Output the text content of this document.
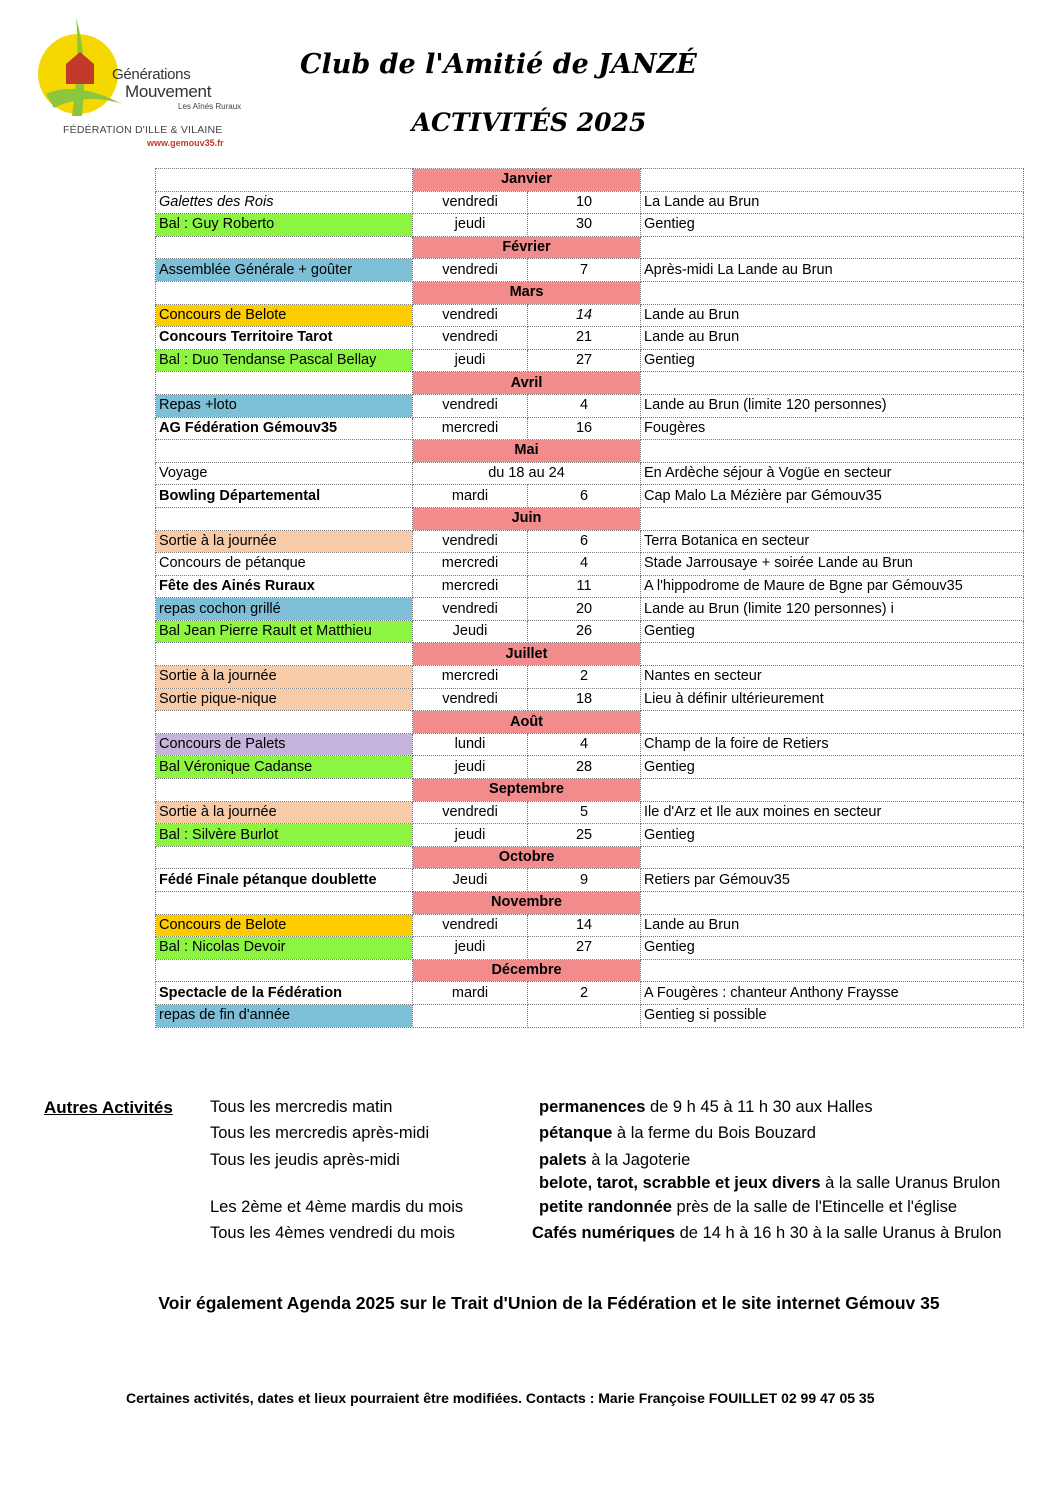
Générations
Mouvement
Les Aînés Ruraux
FÉDÉRATION D'ILLE & VILAINE
www.gemouv35.fr
Club de l'Amitié de JANZÉ
ACTIVITÉS 2025
	Janvier		
Galettes des Rois	vendredi	10	La Lande au Brun
Bal : Guy Roberto	jeudi	30	Gentieg
	Février		
Assemblée Générale + goûter	vendredi	7	Après-midi La Lande au Brun
	Mars		
Concours de Belote	vendredi	14	Lande au Brun
Concours Territoire Tarot	vendredi	21	Lande au Brun
Bal : Duo Tendanse Pascal Bellay	jeudi	27	Gentieg
	Avril		
Repas +loto	vendredi	4	Lande au Brun (limite 120 personnes)
AG Fédération Gémouv35	mercredi	16	Fougères
	Mai		
Voyage	du 18 au 24		En Ardèche séjour à Vogüe en secteur
Bowling Départemental	mardi	6	Cap Malo La Mézière par Gémouv35
	Juin		
Sortie à la journée	vendredi	6	Terra Botanica en secteur
Concours de pétanque	mercredi	4	Stade Jarrousaye + soirée Lande au Brun
Fête des Ainés Ruraux	mercredi	11	A l'hippodrome de Maure de Bgne par Gémouv35
repas cochon grillé	vendredi	20	Lande au Brun (limite 120 personnes) i
Bal Jean Pierre Rault et Matthieu	Jeudi	26	Gentieg
	Juillet		
Sortie à la journée	mercredi	2	Nantes en secteur
Sortie pique-nique	vendredi	18	Lieu à définir ultérieurement
	Août		
Concours de Palets	lundi	4	Champ de la foire de Retiers
Bal Véronique Cadanse	jeudi	28	Gentieg
	Septembre		
Sortie à la journée	vendredi	5	Ile d'Arz et Ile aux moines en secteur
Bal : Silvère Burlot	jeudi	25	Gentieg
	Octobre		
Fédé Finale pétanque doublette	Jeudi	9	Retiers par Gémouv35
	Novembre		
Concours de Belote	vendredi	14	Lande au Brun
Bal : Nicolas Devoir	jeudi	27	Gentieg
	Décembre		
Spectacle de la Fédération	mardi	2	A Fougères : chanteur Anthony Fraysse
repas de fin d'année			Gentieg si possible
Autres Activités Tous les mercredis matin	permanences de 9 h 45 à 11 h 30 aux Halles
Tous les mercredis après-midi	pétanque à la ferme du Bois Bouzard
Tous les jeudis après-midi	palets à la Jagoterie
belote, tarot, scrabble et jeux divers à la salle Uranus Brulon
Les 2ème et 4ème mardis du mois	petite randonnée près de la salle de l'Etincelle et l'église
Tous les 4èmes vendredi du mois	Cafés numériques de 14 h à 16 h 30 à la salle Uranus à Brulon
Voir également Agenda 2025 sur le Trait d'Union de la Fédération et le site internet Gémouv 35
Certaines activités, dates et lieux pourraient être modifiées. Contacts : Marie Françoise FOUILLET 02 99 47 05 35
